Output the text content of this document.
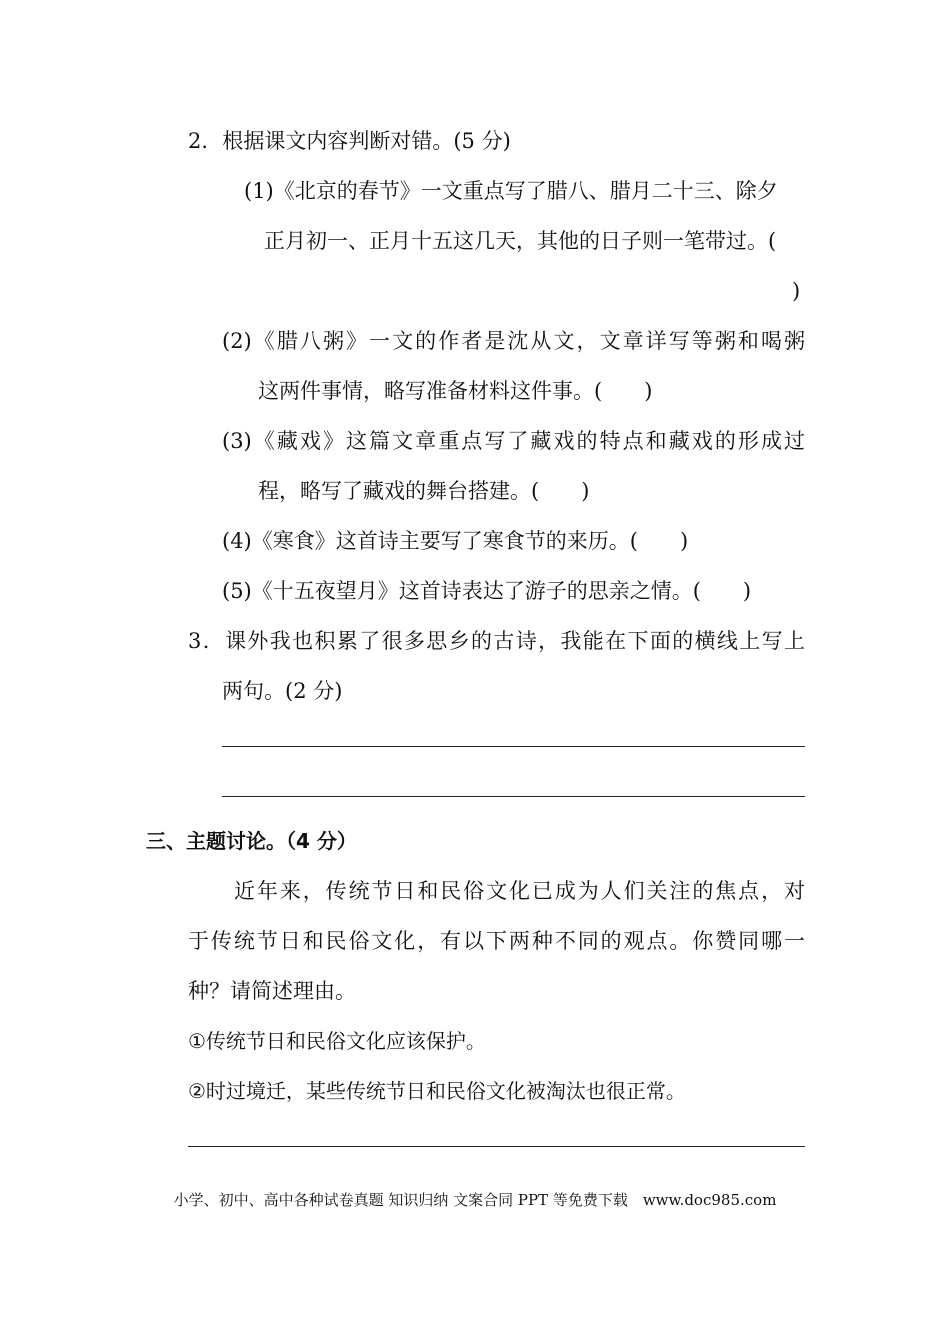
2．根据课文内容判断对错。(5 分)
(1)《北京的春节》一文重点写了腊八、腊月二十三、除夕
正月初一、正月十五这几天，其他的日子则一笔带过。(
)
(2)《腊八粥》一文的作者是沈从文，文章详写等粥和喝粥
这两件事情，略写准备材料这件事。(　　)
(3)《藏戏》这篇文章重点写了藏戏的特点和藏戏的形成过
程，略写了藏戏的舞台搭建。(　　)
(4)《寒食》这首诗主要写了寒食节的来历。(　　)
(5)《十五夜望月》这首诗表达了游子的思亲之情。(　　)
3．课外我也积累了很多思乡的古诗，我能在下面的横线上写上
两句。(2 分)
三、主题讨论。（4 分）
近年来，传统节日和民俗文化已成为人们关注的焦点，对
于传统节日和民俗文化，有以下两种不同的观点。你赞同哪一
种？请简述理由。
①传统节日和民俗文化应该保护。
②时过境迁，某些传统节日和民俗文化被淘汰也很正常。
小学、初中、高中各种试卷真题 知识归纳 文案合同 PPT 等免费下载　www.doc985.com
